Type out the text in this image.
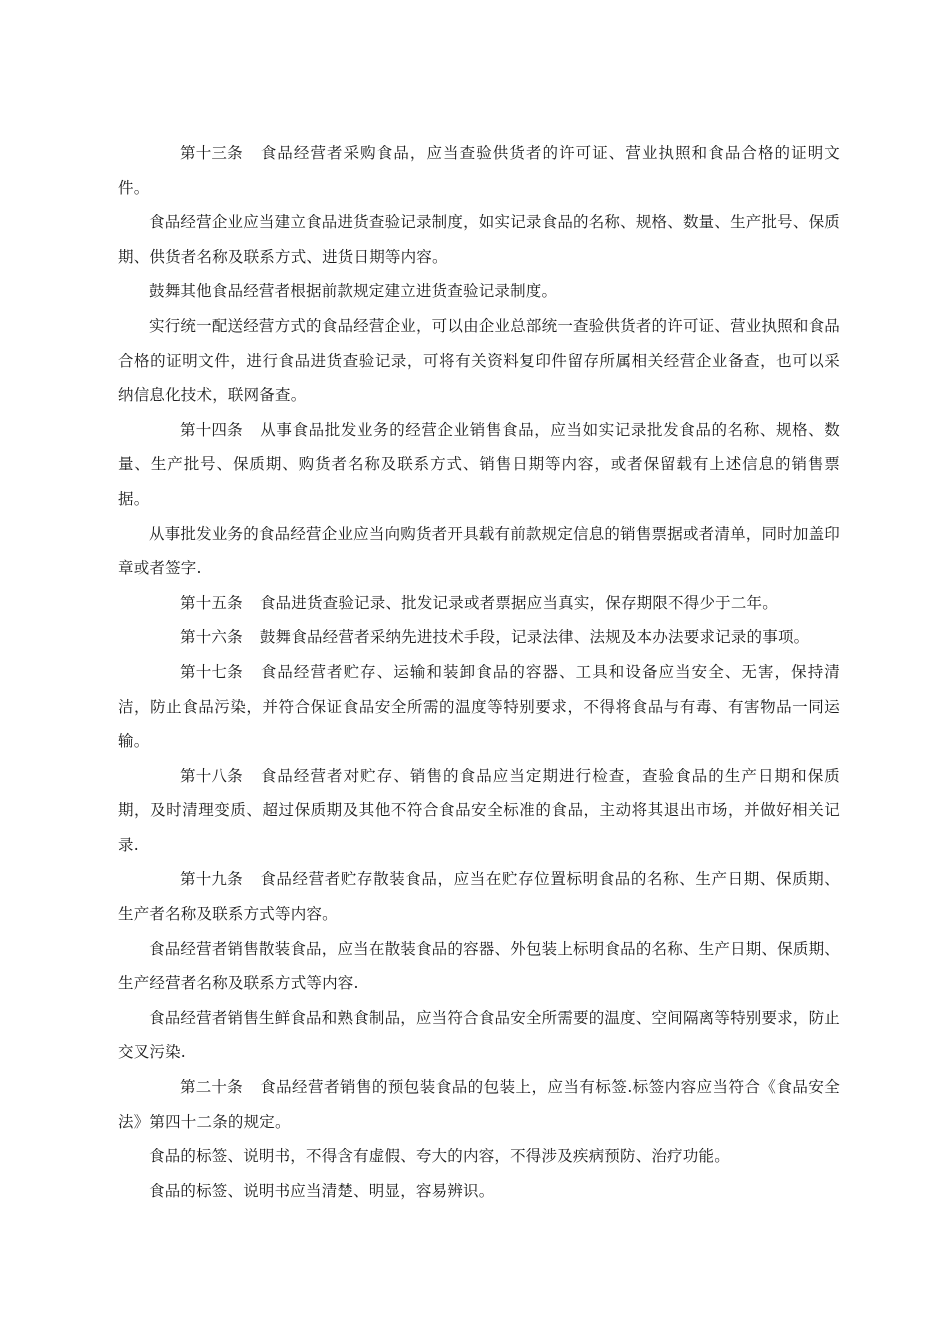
第十三条 食品经营者采购食品，应当查验供货者的许可证、营业执照和食品合格的证明文件。

食品经营企业应当建立食品进货查验记录制度，如实记录食品的名称、规格、数量、生产批号、保质期、供货者名称及联系方式、进货日期等内容。

鼓舞其他食品经营者根据前款规定建立进货查验记录制度。

实行统一配送经营方式的食品经营企业，可以由企业总部统一查验供货者的许可证、营业执照和食品合格的证明文件，进行食品进货查验记录，可将有关资料复印件留存所属相关经营企业备查，也可以采纳信息化技术，联网备查。

第十四条 从事食品批发业务的经营企业销售食品，应当如实记录批发食品的名称、规格、数量、生产批号、保质期、购货者名称及联系方式、销售日期等内容，或者保留载有上述信息的销售票据。

从事批发业务的食品经营企业应当向购货者开具载有前款规定信息的销售票据或者清单，同时加盖印章或者签字.

第十五条 食品进货查验记录、批发记录或者票据应当真实，保存期限不得少于二年。

第十六条 鼓舞食品经营者采纳先进技术手段，记录法律、法规及本办法要求记录的事项。

第十七条 食品经营者贮存、运输和装卸食品的容器、工具和设备应当安全、无害，保持清洁，防止食品污染，并符合保证食品安全所需的温度等特别要求，不得将食品与有毒、有害物品一同运输。

第十八条 食品经营者对贮存、销售的食品应当定期进行检查，查验食品的生产日期和保质期，及时清理变质、超过保质期及其他不符合食品安全标准的食品，主动将其退出市场，并做好相关记录.

第十九条 食品经营者贮存散装食品，应当在贮存位置标明食品的名称、生产日期、保质期、生产者名称及联系方式等内容。

食品经营者销售散装食品，应当在散装食品的容器、外包装上标明食品的名称、生产日期、保质期、生产经营者名称及联系方式等内容.

食品经营者销售生鲜食品和熟食制品，应当符合食品安全所需要的温度、空间隔离等特别要求，防止交叉污染.

第二十条 食品经营者销售的预包装食品的包装上，应当有标签.标签内容应当符合《食品安全法》第四十二条的规定。

食品的标签、说明书，不得含有虚假、夸大的内容，不得涉及疾病预防、治疗功能。

食品的标签、说明书应当清楚、明显，容易辨识。
